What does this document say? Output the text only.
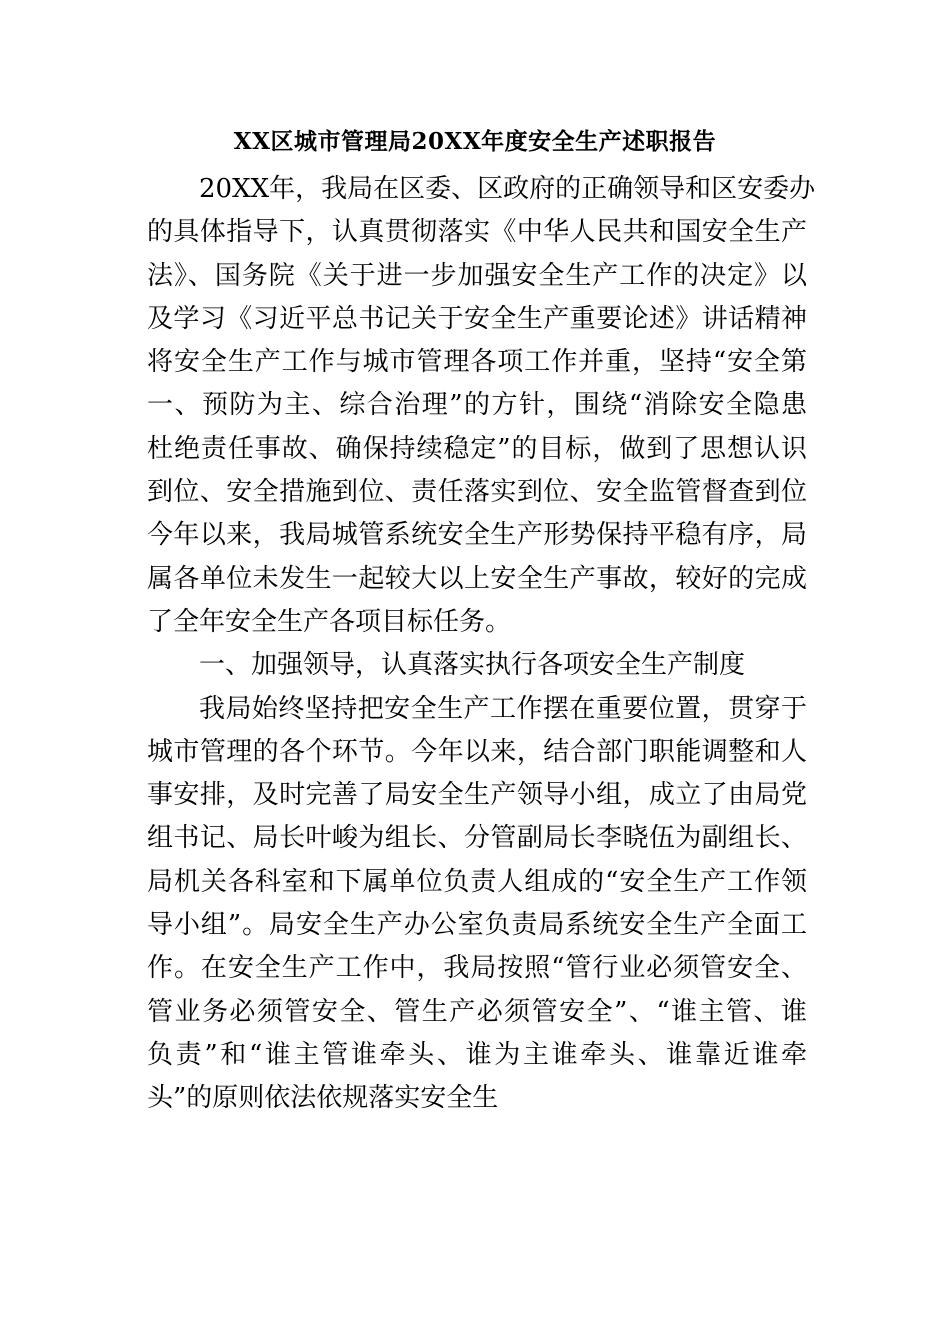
XX区城市管理局20XX年度安全生产述职报告
20XX年，我局在区委、区政府的正确领导和区安委办
的具体指导下，认真贯彻落实《中华人民共和国安全生产
法》、国务院《关于进一步加强安全生产工作的决定》以
及学习《习近平总书记关于安全生产重要论述》讲话精神
将安全生产工作与城市管理各项工作并重，坚持“安全第
一、预防为主、综合治理”的方针，围绕“消除安全隐患
杜绝责任事故、确保持续稳定”的目标，做到了思想认识
到位、安全措施到位、责任落实到位、安全监管督查到位
今年以来，我局城管系统安全生产形势保持平稳有序，局
属各单位未发生一起较大以上安全生产事故，较好的完成
了全年安全生产各项目标任务。
一、加强领导，认真落实执行各项安全生产制度
我局始终坚持把安全生产工作摆在重要位置，贯穿于
城市管理的各个环节。今年以来，结合部门职能调整和人
事安排，及时完善了局安全生产领导小组，成立了由局党
组书记、局长叶峻为组长、分管副局长李晓伍为副组长、
局机关各科室和下属单位负责人组成的“安全生产工作领
导小组”。局安全生产办公室负责局系统安全生产全面工
作。在安全生产工作中，我局按照“管行业必须管安全、
管业务必须管安全、管生产必须管安全”、“谁主管、谁
负责”和“谁主管谁牵头、谁为主谁牵头、谁靠近谁牵
头”的原则依法依规落实安全生
